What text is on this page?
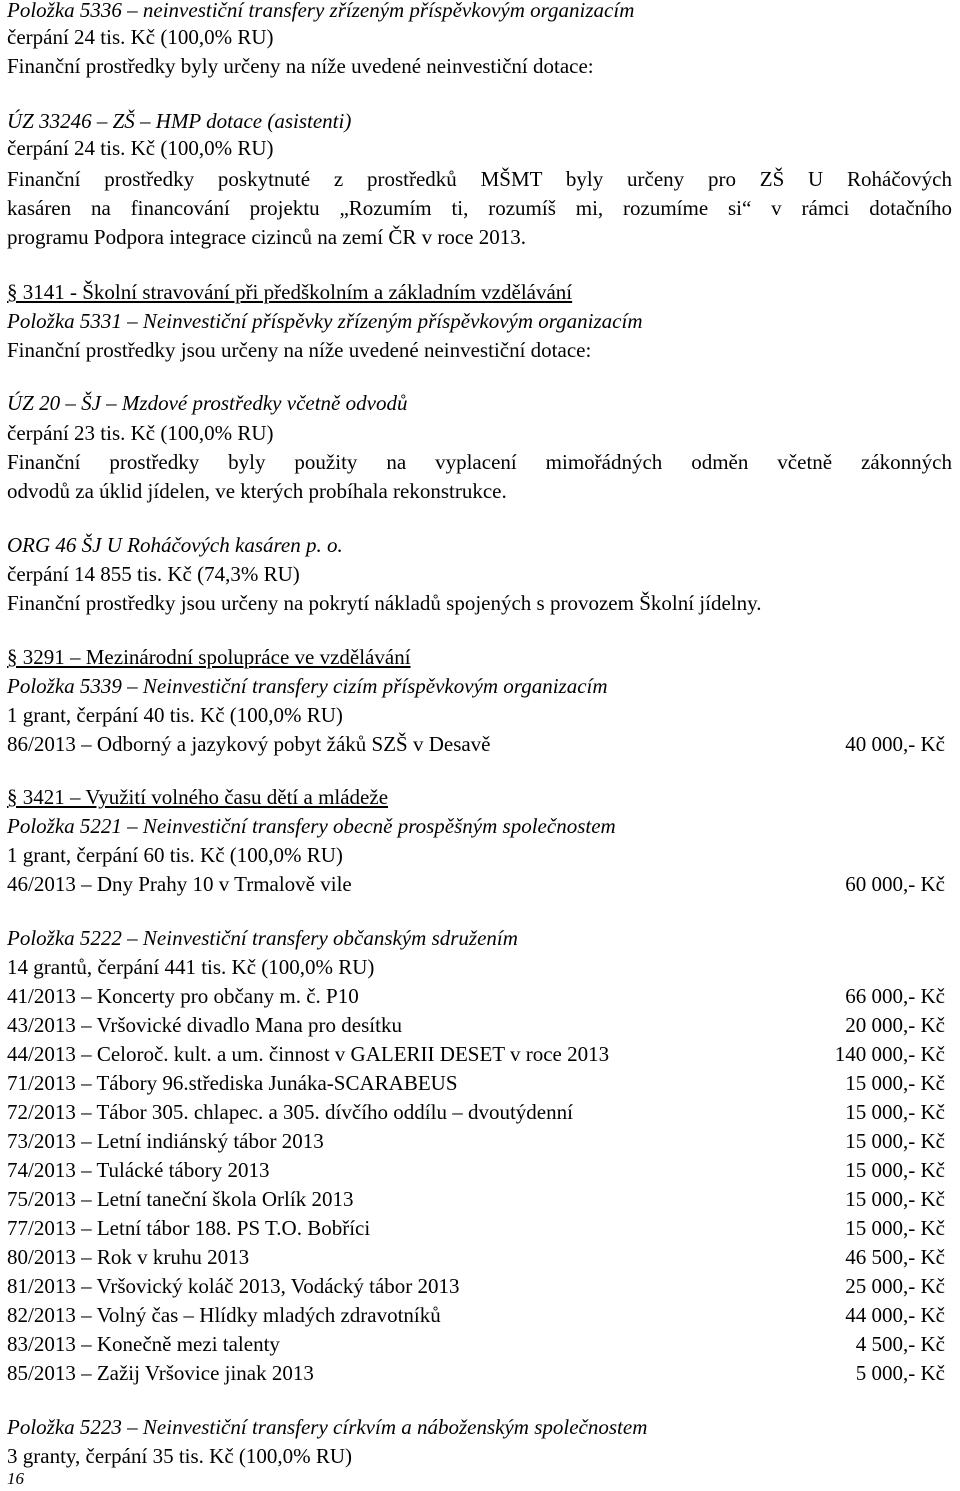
Položka 5336 – neinvestiční transfery zřízeným příspěvkovým organizacím
čerpání 24 tis. Kč (100,0% RU)
Finanční prostředky byly určeny na níže uvedené neinvestiční dotace:
ÚZ 33246 – ZŠ – HMP dotace (asistenti)
čerpání 24 tis. Kč (100,0% RU)
Finanční prostředky poskytnuté z prostředků MŠMT byly určeny pro ZŠ U Roháčových
kasáren na financování projektu „Rozumím ti, rozumíš mi, rozumíme si“ v rámci dotačního
programu Podpora integrace cizinců na zemí ČR v roce 2013.
§ 3141 - Školní stravování při předškolním a základním vzdělávání
Položka 5331 – Neinvestiční příspěvky zřízeným příspěvkovým organizacím
Finanční prostředky jsou určeny na níže uvedené neinvestiční dotace:
ÚZ 20 – ŠJ – Mzdové prostředky včetně odvodů
čerpání 23 tis. Kč (100,0% RU)
Finanční prostředky byly použity na vyplacení mimořádných odměn včetně zákonných
odvodů za úklid jídelen, ve kterých probíhala rekonstrukce.
ORG 46 ŠJ U Roháčových kasáren p. o.
čerpání 14 855 tis. Kč (74,3% RU)
Finanční prostředky jsou určeny na pokrytí nákladů spojených s provozem Školní jídelny.
§ 3291 – Mezinárodní spolupráce ve vzdělávání
Položka 5339 – Neinvestiční transfery cizím příspěvkovým organizacím
1 grant, čerpání 40 tis. Kč (100,0% RU)
86/2013 – Odborný a jazykový pobyt žáků SZŠ v Desavě	40 000,- Kč
§ 3421 – Využití volného času dětí a mládeže
Položka 5221 – Neinvestiční transfery obecně prospěšným společnostem
1 grant, čerpání 60 tis. Kč (100,0% RU)
46/2013 – Dny Prahy 10 v Trmalově vile	60 000,- Kč
Položka 5222 – Neinvestiční transfery občanským sdružením
14 grantů, čerpání 441 tis. Kč (100,0% RU)
41/2013 – Koncerty pro občany m. č. P10	66 000,- Kč
43/2013 – Vršovické divadlo Mana pro desítku	20 000,- Kč
44/2013 – Celoroč. kult. a um. činnost v GALERII DESET v roce 2013	140 000,- Kč
71/2013 – Tábory 96.střediska Junáka-SCARABEUS	15 000,- Kč
72/2013 – Tábor 305. chlapec. a 305. dívčího oddílu – dvoutýdenní	15 000,- Kč
73/2013 – Letní indiánský tábor 2013	15 000,- Kč
74/2013 – Tulácké tábory 2013	15 000,- Kč
75/2013 – Letní taneční škola Orlík 2013	15 000,- Kč
77/2013 – Letní tábor 188. PS T.O. Bobříci	15 000,- Kč
80/2013 – Rok v kruhu 2013	46 500,- Kč
81/2013 – Vršovický koláč 2013, Vodácký tábor 2013	25 000,- Kč
82/2013 – Volný čas – Hlídky mladých zdravotníků	44 000,- Kč
83/2013 – Konečně mezi talenty	4 500,- Kč
85/2013 – Zažij Vršovice jinak 2013	5 000,- Kč
Položka 5223 – Neinvestiční transfery církvím a náboženským společnostem
3 granty, čerpání 35 tis. Kč (100,0% RU)
16
